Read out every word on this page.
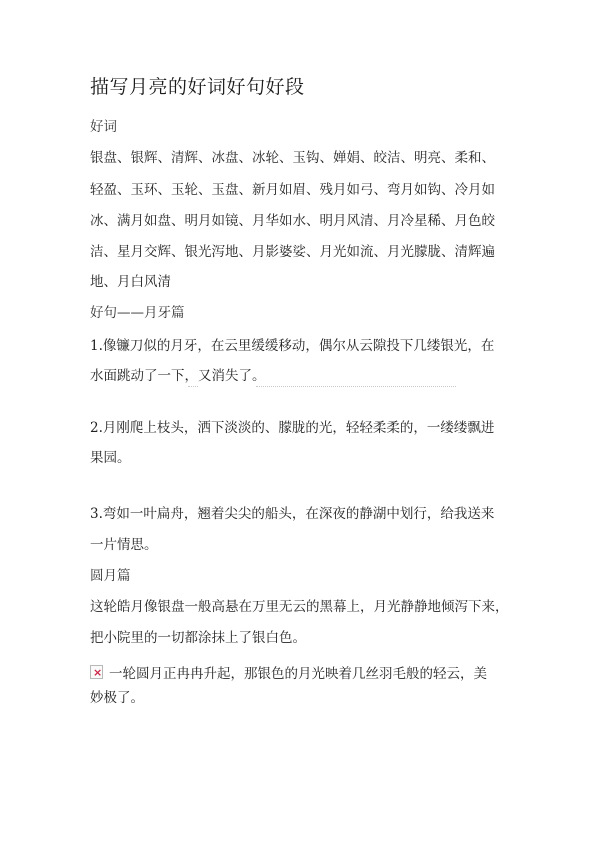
描写月亮的好词好句好段
好词
银盘、银辉、清辉、冰盘、冰轮、玉钩、婵娟、皎洁、明亮、柔和、
轻盈、玉环、玉轮、玉盘、新月如眉、残月如弓、弯月如钩、冷月如
冰、满月如盘、明月如镜、月华如水、明月风清、月冷星稀、月色皎
洁、星月交辉、银光泻地、月影婆娑、月光如流、月光朦胧、清辉遍
地、月白风清
好句——月牙篇
1.像镰刀似的月牙，在云里缓缓移动，偶尔从云隙投下几缕银光，在
水面跳动了一下，又消失了。
2.月刚爬上枝头，洒下淡淡的、朦胧的光，轻轻柔柔的，一缕缕飘进
果园。
3.弯如一叶扁舟，翘着尖尖的船头，在深夜的静湖中划行，给我送来
一片情思。
圆月篇
这轮皓月像银盘一般高悬在万里无云的黑幕上，月光静静地倾泻下来，
把小院里的一切都涂抹上了银白色。
×一轮圆月正冉冉升起，那银色的月光映着几丝羽毛般的轻云，美
妙极了。
